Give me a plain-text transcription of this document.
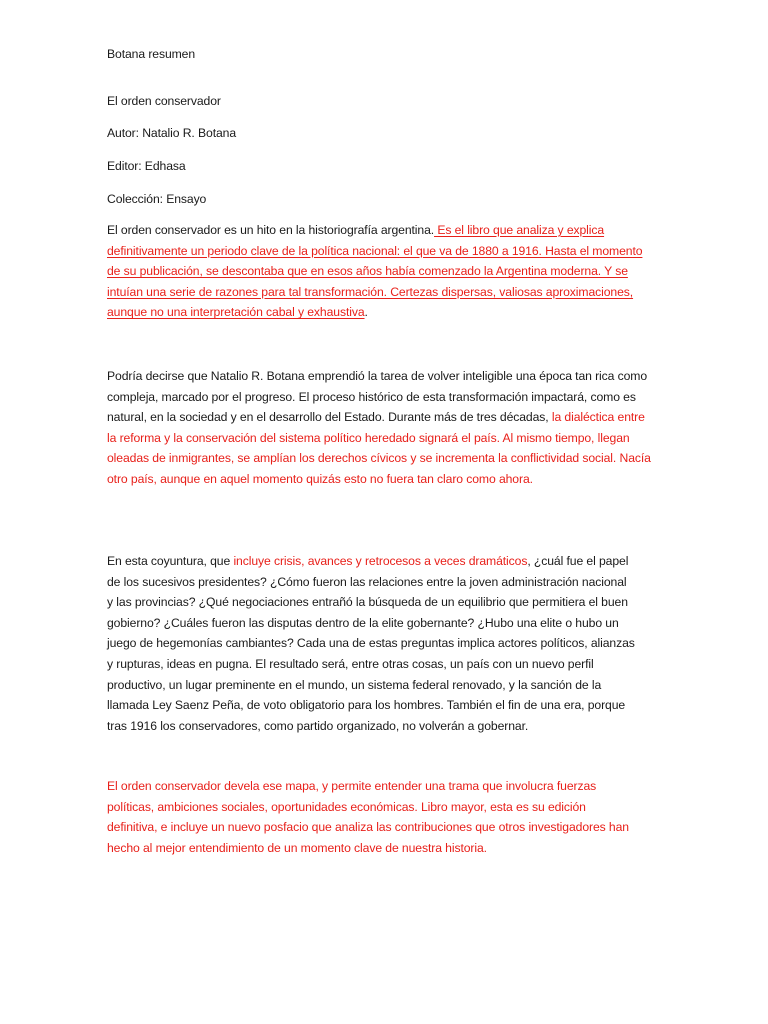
Botana resumen
El orden conservador
Autor: Natalio R. Botana
Editor: Edhasa
Colección: Ensayo
El orden conservador es un hito en la historiografía argentina. Es el libro que analiza y explica definitivamente un periodo clave de la política nacional: el que va de 1880 a 1916. Hasta el momento de su publicación, se descontaba que en esos años había comenzado la Argentina moderna. Y se intuían una serie de razones para tal transformación. Certezas dispersas, valiosas aproximaciones, aunque no una interpretación cabal y exhaustiva.
Podría decirse que Natalio R. Botana emprendió la tarea de volver inteligible una época tan rica como compleja, marcado por el progreso. El proceso histórico de esta transformación impactará, como es natural, en la sociedad y en el desarrollo del Estado. Durante más de tres décadas, la dialéctica entre la reforma y la conservación del sistema político heredado signará el país. Al mismo tiempo, llegan oleadas de inmigrantes, se amplían los derechos cívicos y se incrementa la conflictividad social. Nacía otro país, aunque en aquel momento quizás esto no fuera tan claro como ahora.
En esta coyuntura, que incluye crisis, avances y retrocesos a veces dramáticos, ¿cuál fue el papel de los sucesivos presidentes? ¿Cómo fueron las relaciones entre la joven administración nacional y las provincias? ¿Qué negociaciones entrañó la búsqueda de un equilibrio que permitiera el buen gobierno? ¿Cuáles fueron las disputas dentro de la elite gobernante? ¿Hubo una elite o hubo un juego de hegemonías cambiantes? Cada una de estas preguntas implica actores políticos, alianzas y rupturas, ideas en pugna. El resultado será, entre otras cosas, un país con un nuevo perfil productivo, un lugar preminente en el mundo, un sistema federal renovado, y la sanción de la llamada Ley Saenz Peña, de voto obligatorio para los hombres. También el fin de una era, porque tras 1916 los conservadores, como partido organizado, no volverán a gobernar.
El orden conservador devela ese mapa, y permite entender una trama que involucra fuerzas políticas, ambiciones sociales, oportunidades económicas. Libro mayor, esta es su edición definitiva, e incluye un nuevo posfacio que analiza las contribuciones que otros investigadores han hecho al mejor entendimiento de un momento clave de nuestra historia.
